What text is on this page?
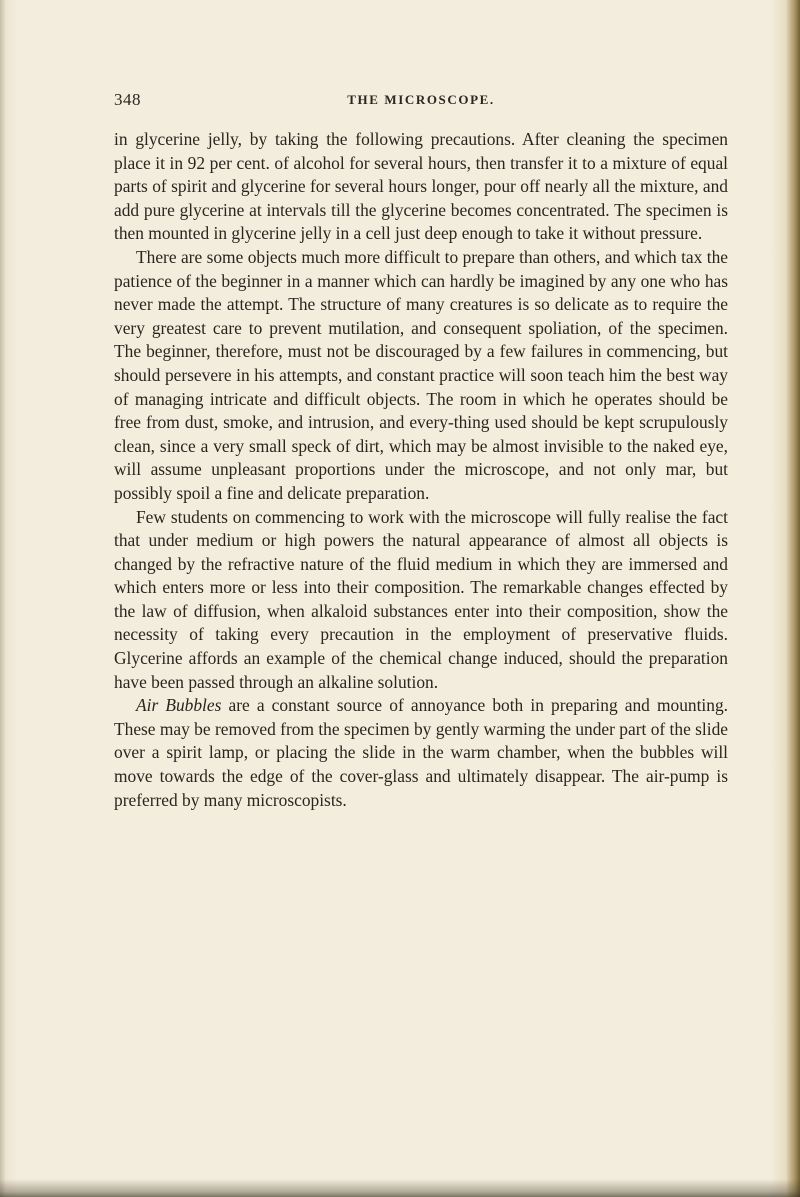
348	THE MICROSCOPE.

in glycerine jelly, by taking the following precautions. After cleaning the specimen place it in 92 per cent. of alcohol for several hours, then transfer it to a mixture of equal parts of spirit and glycerine for several hours longer, pour off nearly all the mixture, and add pure glycerine at intervals till the glycerine becomes concentrated. The specimen is then mounted in glycerine jelly in a cell just deep enough to take it without pressure.

There are some objects much more difficult to prepare than others, and which tax the patience of the beginner in a manner which can hardly be imagined by any one who has never made the attempt. The structure of many creatures is so delicate as to require the very greatest care to prevent mutilation, and consequent spoliation, of the specimen. The beginner, therefore, must not be discouraged by a few failures in commencing, but should persevere in his attempts, and constant practice will soon teach him the best way of managing intricate and difficult objects. The room in which he operates should be free from dust, smoke, and intrusion, and every-thing used should be kept scrupulously clean, since a very small speck of dirt, which may be almost invisible to the naked eye, will assume unpleasant proportions under the microscope, and not only mar, but possibly spoil a fine and delicate preparation.

Few students on commencing to work with the microscope will fully realise the fact that under medium or high powers the natural appearance of almost all objects is changed by the refractive nature of the fluid medium in which they are immersed and which enters more or less into their composition. The remarkable changes effected by the law of diffusion, when alkaloid substances enter into their composition, show the necessity of taking every precaution in the employment of preservative fluids. Glycerine affords an example of the chemical change induced, should the preparation have been passed through an alkaline solution.

Air Bubbles are a constant source of annoyance both in preparing and mounting. These may be removed from the specimen by gently warming the under part of the slide over a spirit lamp, or placing the slide in the warm chamber, when the bubbles will move towards the edge of the cover-glass and ultimately disappear. The air-pump is preferred by many microscopists.
